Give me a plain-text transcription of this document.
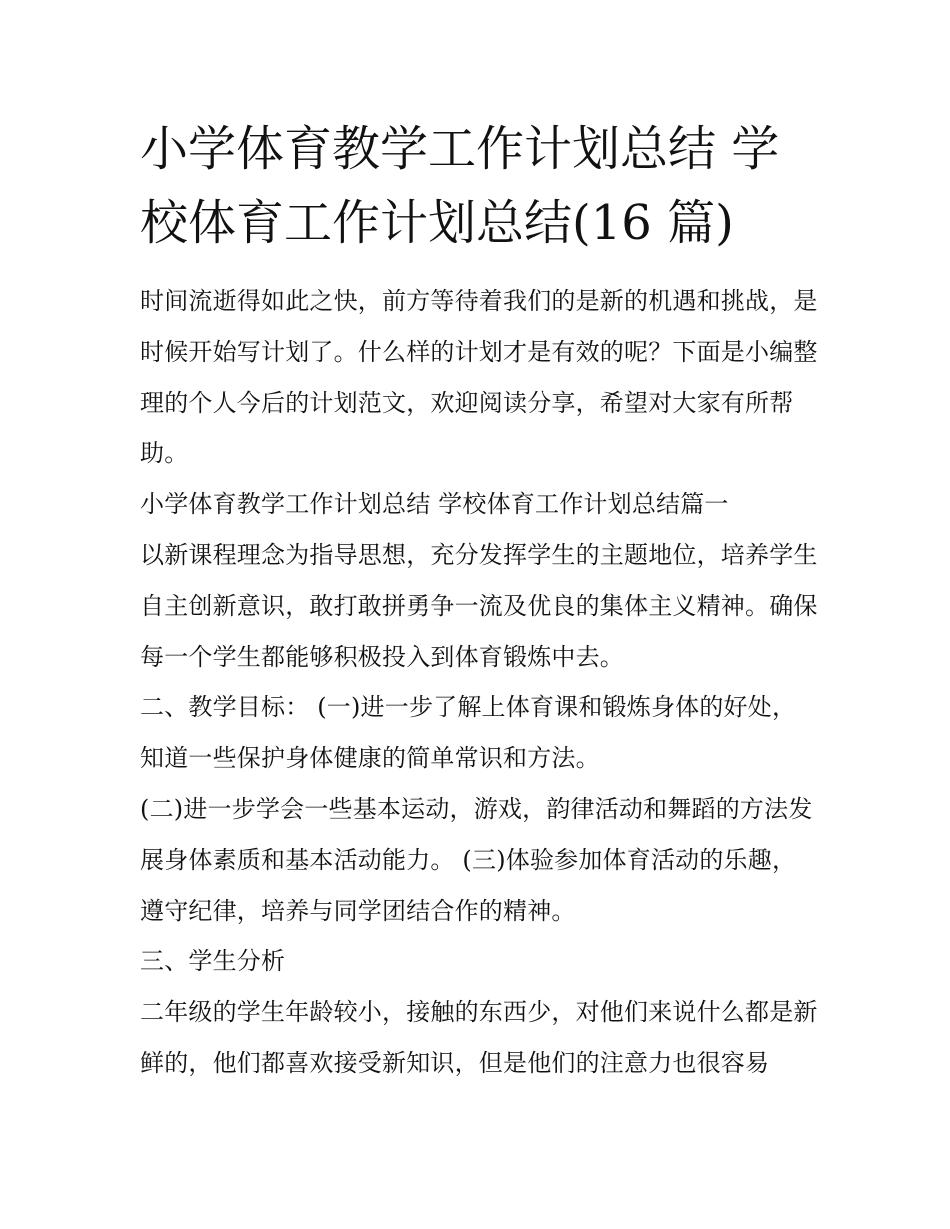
小学体育教学工作计划总结 学校体育工作计划总结(16 篇)

时间流逝得如此之快，前方等待着我们的是新的机遇和挑战，是时候开始写计划了。什么样的计划才是有效的呢？下面是小编整理的个人今后的计划范文，欢迎阅读分享，希望对大家有所帮助。

小学体育教学工作计划总结 学校体育工作计划总结篇一

以新课程理念为指导思想，充分发挥学生的主题地位，培养学生自主创新意识，敢打敢拼勇争一流及优良的集体主义精神。确保每一个学生都能够积极投入到体育锻炼中去。

二、教学目标： (一)进一步了解上体育课和锻炼身体的好处，知道一些保护身体健康的简单常识和方法。

(二)进一步学会一些基本运动，游戏，韵律活动和舞蹈的方法发展身体素质和基本活动能力。 (三)体验参加体育活动的乐趣，遵守纪律，培养与同学团结合作的精神。

三、学生分析

二年级的学生年龄较小，接触的东西少，对他们来说什么都是新鲜的，他们都喜欢接受新知识，但是他们的注意力也很容易
